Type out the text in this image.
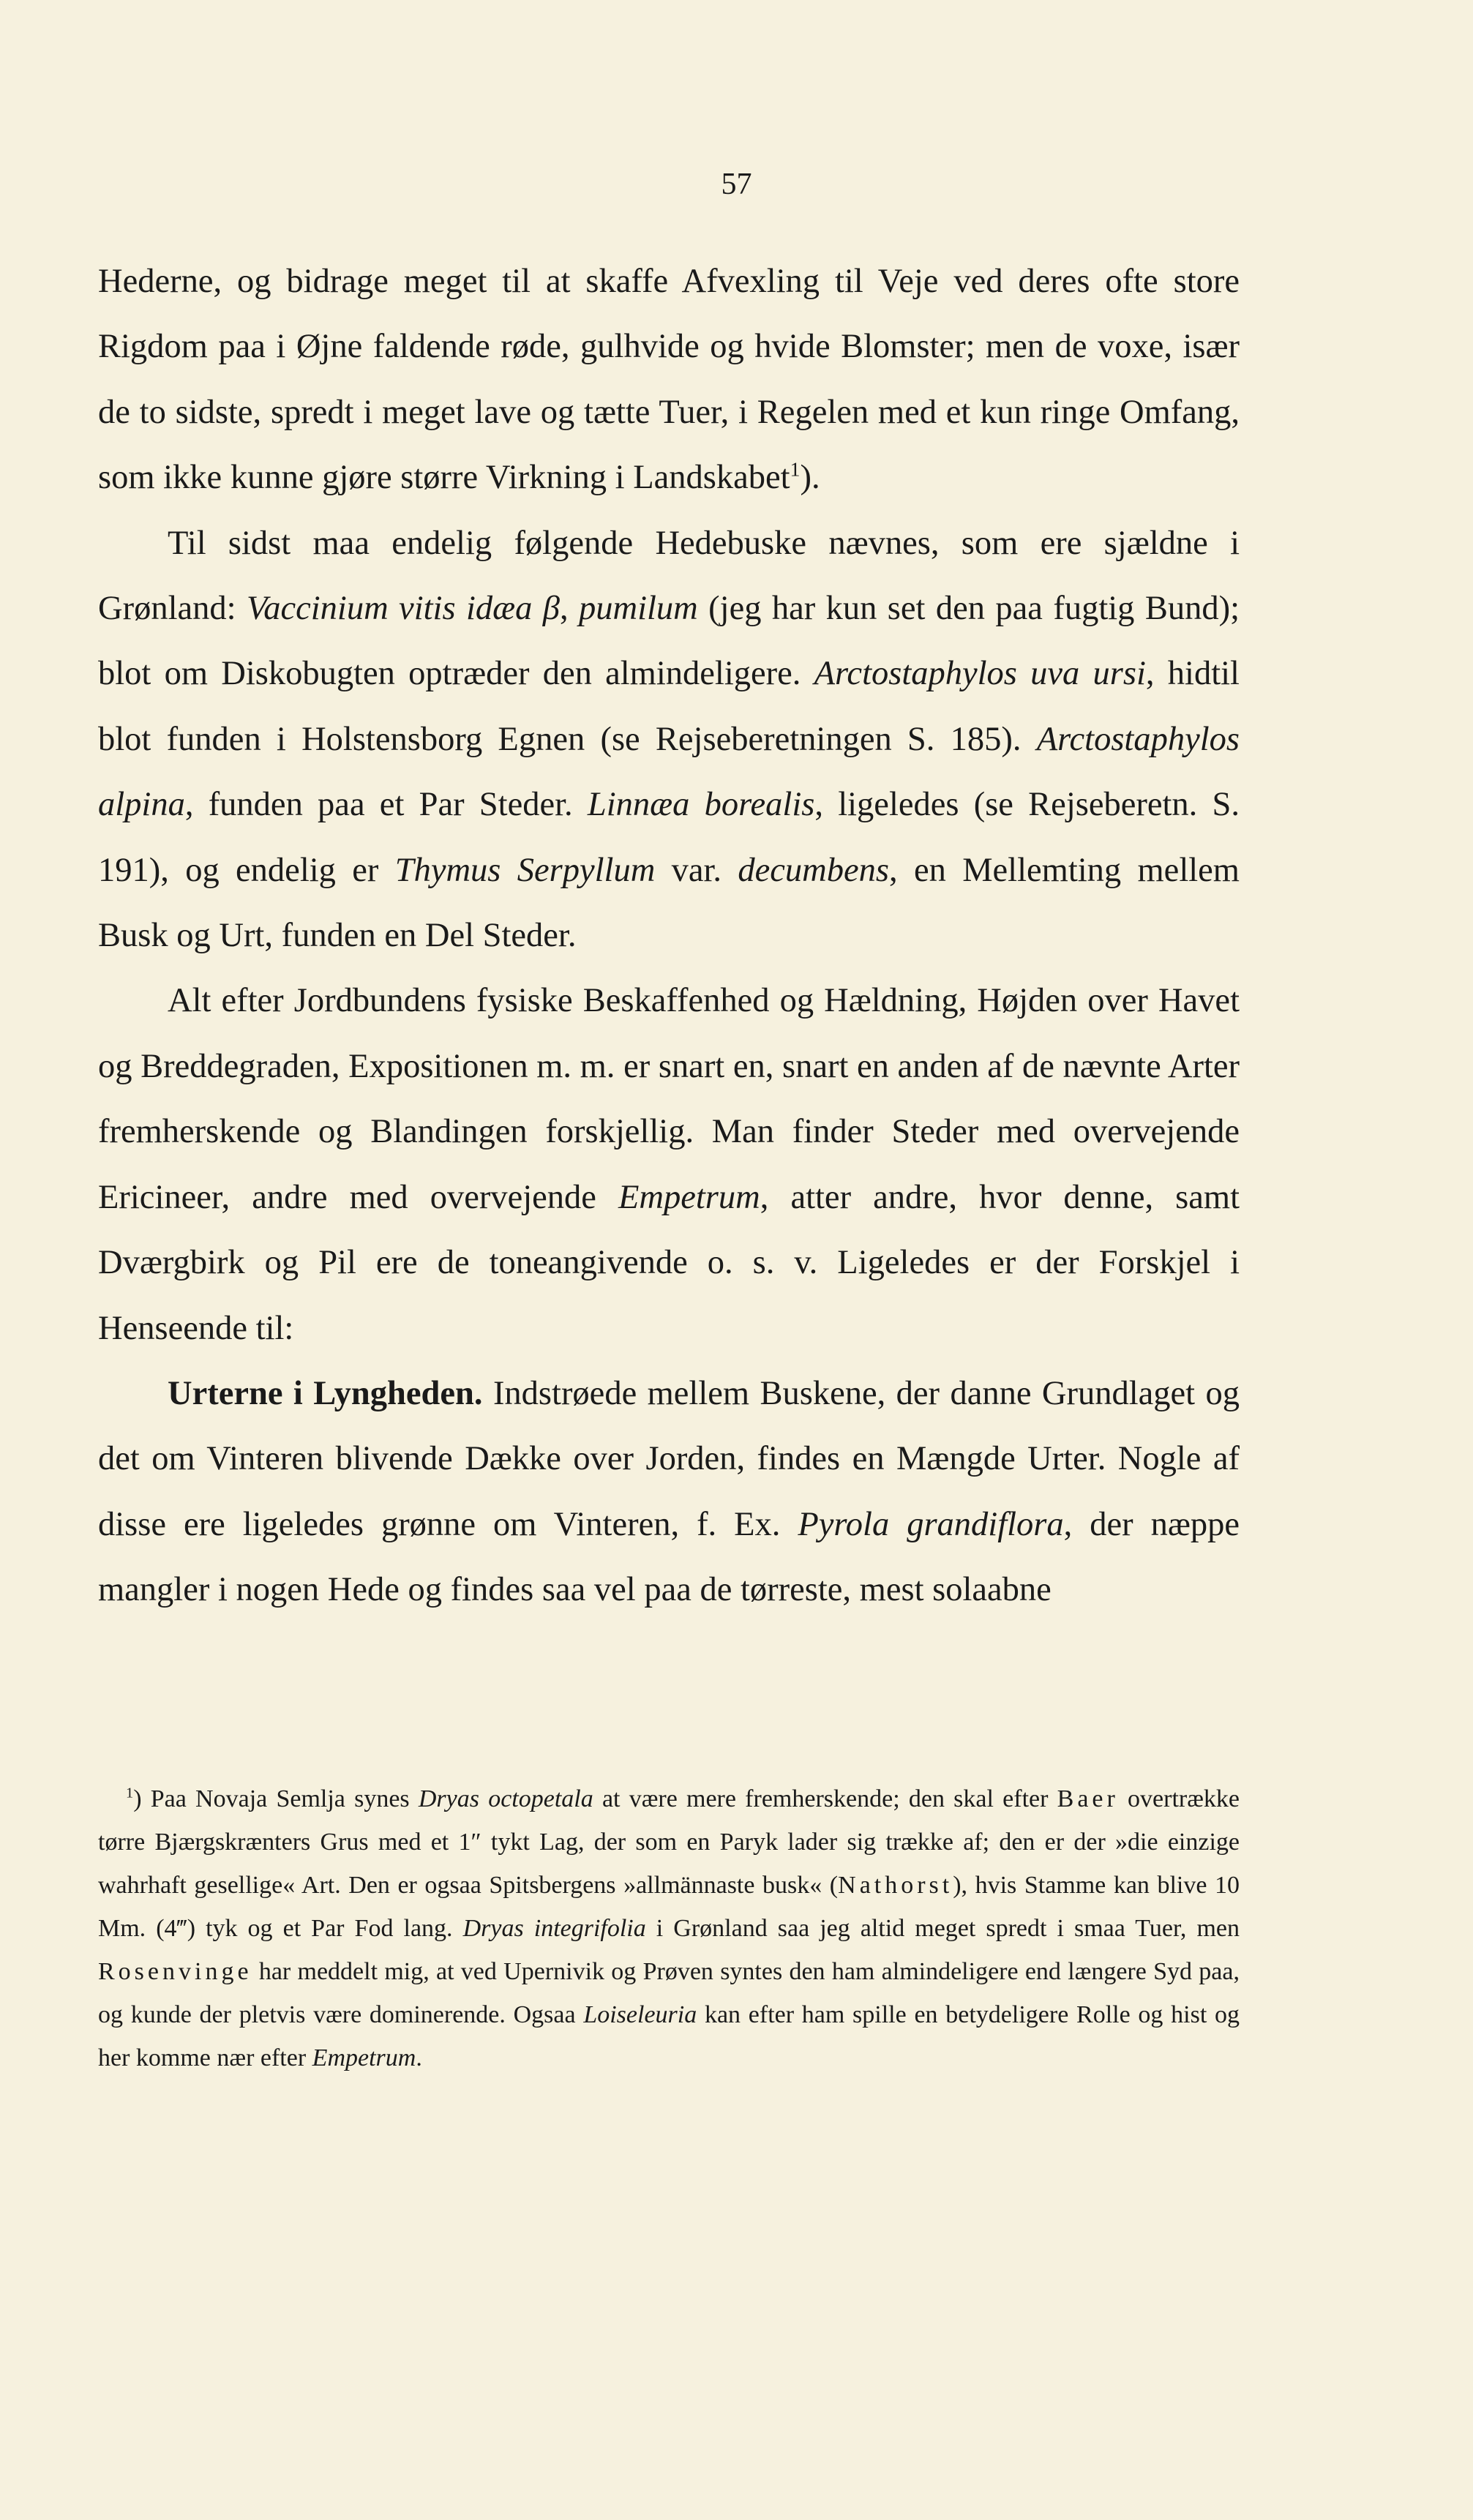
57

Hederne, og bidrage meget til at skaffe Afvexling til Veje ved deres ofte store Rigdom paa i Øjne faldende røde, gulhvide og hvide Blomster; men de voxe, især de to sidste, spredt i meget lave og tætte Tuer, i Regelen med et kun ringe Omfang, som ikke kunne gjøre større Virkning i Landskabet$^1$).

Til sidst maa endelig følgende Hedebuske nævnes, som ere sjældne i Grønland: Vaccinium vitis idæa β, pumilum (jeg har kun set den paa fugtig Bund); blot om Diskobugten optræder den almindeligere. Arctostaphylos uva ursi, hidtil blot funden i Holstensborg Egnen (se Rejseberetningen S. 185). Arctostaphylos alpina, funden paa et Par Steder. Linnæa borealis, ligeledes (se Rejseberetn. S. 191), og endelig er Thymus Serpyllum var. decumbens, en Mellemting mellem Busk og Urt, funden en Del Steder.

Alt efter Jordbundens fysiske Beskaffenhed og Hældning, Højden over Havet og Breddegraden, Expositionen m. m. er snart en, snart en anden af de nævnte Arter fremherskende og Blandingen forskjellig. Man finder Steder med overvejende Ericineer, andre med overvejende Empetrum, atter andre, hvor denne, samt Dværgbirk og Pil ere de toneangivende o. s. v. Ligeledes er der Forskjel i Henseende til:

Urterne i Lyngheden. Indstrøede mellem Buskene, der danne Grundlaget og det om Vinteren blivende Dække over Jorden, findes en Mængde Urter. Nogle af disse ere ligeledes grønne om Vinteren, f. Ex. Pyrola grandiflora, der næppe mangler i nogen Hede og findes saa vel paa de tørreste, mest solaabne

$^1$) Paa Novaja Semlja synes Dryas octopetala at være mere fremherskende; den skal efter Baer overtrække tørre Bjærgskrænters Grus med et 1″ tykt Lag, der som en Paryk lader sig trække af; den er der »die einzige wahrhaft gesellige« Art. Den er ogsaa Spitsbergens »allmännaste busk« (Nathorst), hvis Stamme kan blive 10 Mm. (4‴) tyk og et Par Fod lang. Dryas integrifolia i Grønland saa jeg altid meget spredt i smaa Tuer, men Rosenvinge har meddelt mig, at ved Upernivik og Prøven syntes den ham almindeligere end længere Syd paa, og kunde der pletvis være dominerende. Ogsaa Loiseleuria kan efter ham spille en betydeligere Rolle og hist og her komme nær efter Empetrum.
